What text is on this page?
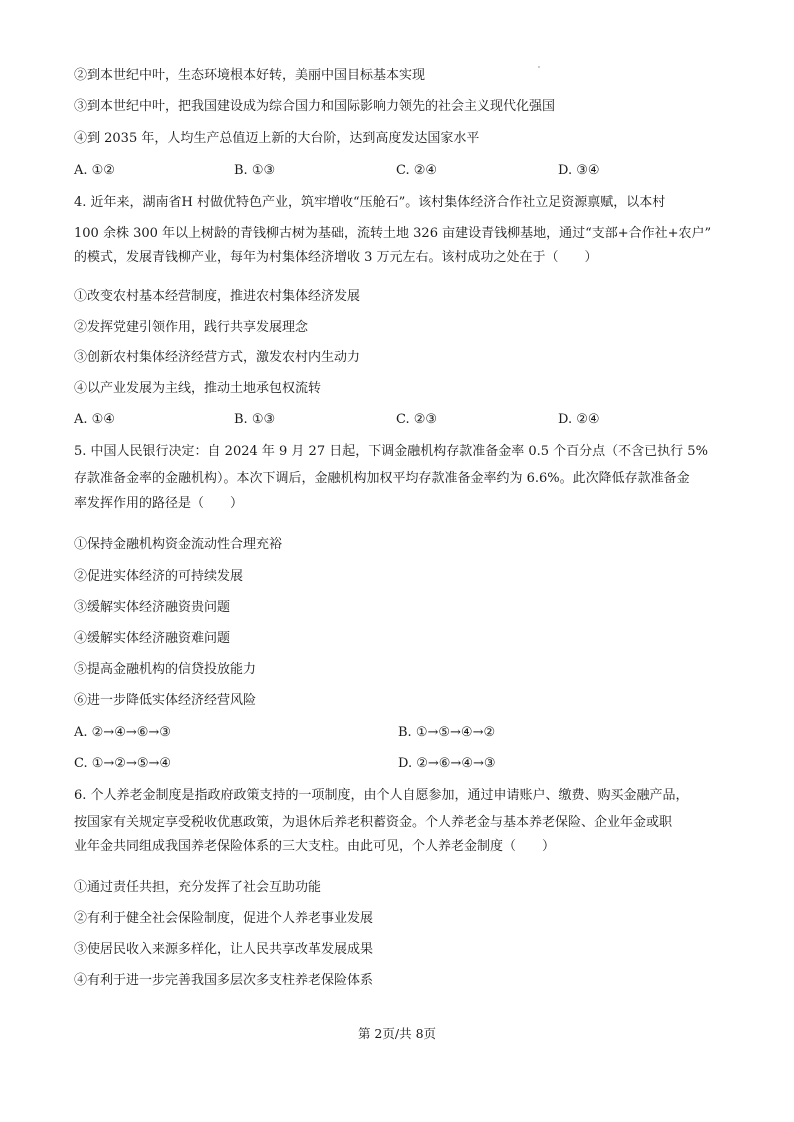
②到本世纪中叶，生态环境根本好转，美丽中国目标基本实现
③到本世纪中叶，把我国建设成为综合国力和国际影响力领先的社会主义现代化强国
④到 2035 年，人均生产总值迈上新的大台阶，达到高度发达国家水平
A. ①②	B. ①③	C. ②④	D. ③④
4. 近年来，湖南省H 村做优特色产业，筑牢增收“压舱石”。该村集体经济合作社立足资源禀赋，以本村
100 余株 300 年以上树龄的青钱柳古树为基础，流转土地 326 亩建设青钱柳基地，通过“支部+合作社+农户”
的模式，发展青钱柳产业，每年为村集体经济增收 3 万元左右。该村成功之处在于（　　）
①改变农村基本经营制度，推进农村集体经济发展
②发挥党建引领作用，践行共享发展理念
③创新农村集体经济经营方式，激发农村内生动力
④以产业发展为主线，推动土地承包权流转
A. ①④	B. ①③	C. ②③	D. ②④
5. 中国人民银行决定：自 2024 年 9 月 27 日起，下调金融机构存款准备金率 0.5 个百分点（不含已执行 5%
存款准备金率的金融机构）。本次下调后，金融机构加权平均存款准备金率约为 6.6%。此次降低存款准备金
率发挥作用的路径是（　　）
①保持金融机构资金流动性合理充裕
②促进实体经济的可持续发展
③缓解实体经济融资贵问题
④缓解实体经济融资难问题
⑤提高金融机构的信贷投放能力
⑥进一步降低实体经济经营风险
A. ②→④→⑥→③	B. ①→⑤→④→②
C. ①→②→⑤→④	D. ②→⑥→④→③
6. 个人养老金制度是指政府政策支持的一项制度，由个人自愿参加，通过申请账户、缴费、购买金融产品，
按国家有关规定享受税收优惠政策，为退休后养老积蓄资金。个人养老金与基本养老保险、企业年金或职
业年金共同组成我国养老保险体系的三大支柱。由此可见，个人养老金制度（　　）
①通过责任共担，充分发挥了社会互助功能
②有利于健全社会保险制度，促进个人养老事业发展
③使居民收入来源多样化，让人民共享改革发展成果
④有利于进一步完善我国多层次多支柱养老保险体系
第 2页/共 8页
